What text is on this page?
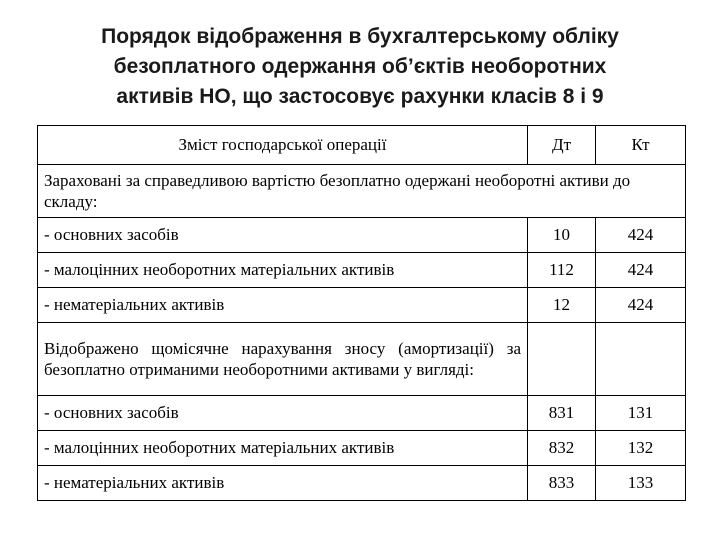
Порядок відображення в бухгалтерському обліку
безоплатного одержання об’єктів необоротних
активів НО, що застосовує рахунки класів 8 і 9
Зміст господарської операції	Дт	Кт
Зараховані за справедливою вартістю безоплатно одержані необоротні активи до складу:		
- основних засобів	10	424
- малоцінних необоротних матеріальних активів	112	424
- нематеріальних активів	12	424
Відображено щомісячне нарахування зносу (амортизації) за безоплатно отриманими необоротними активами у вигляді:		
- основних засобів	831	131
- малоцінних необоротних матеріальних активів	832	132
- нематеріальних активів	833	133
